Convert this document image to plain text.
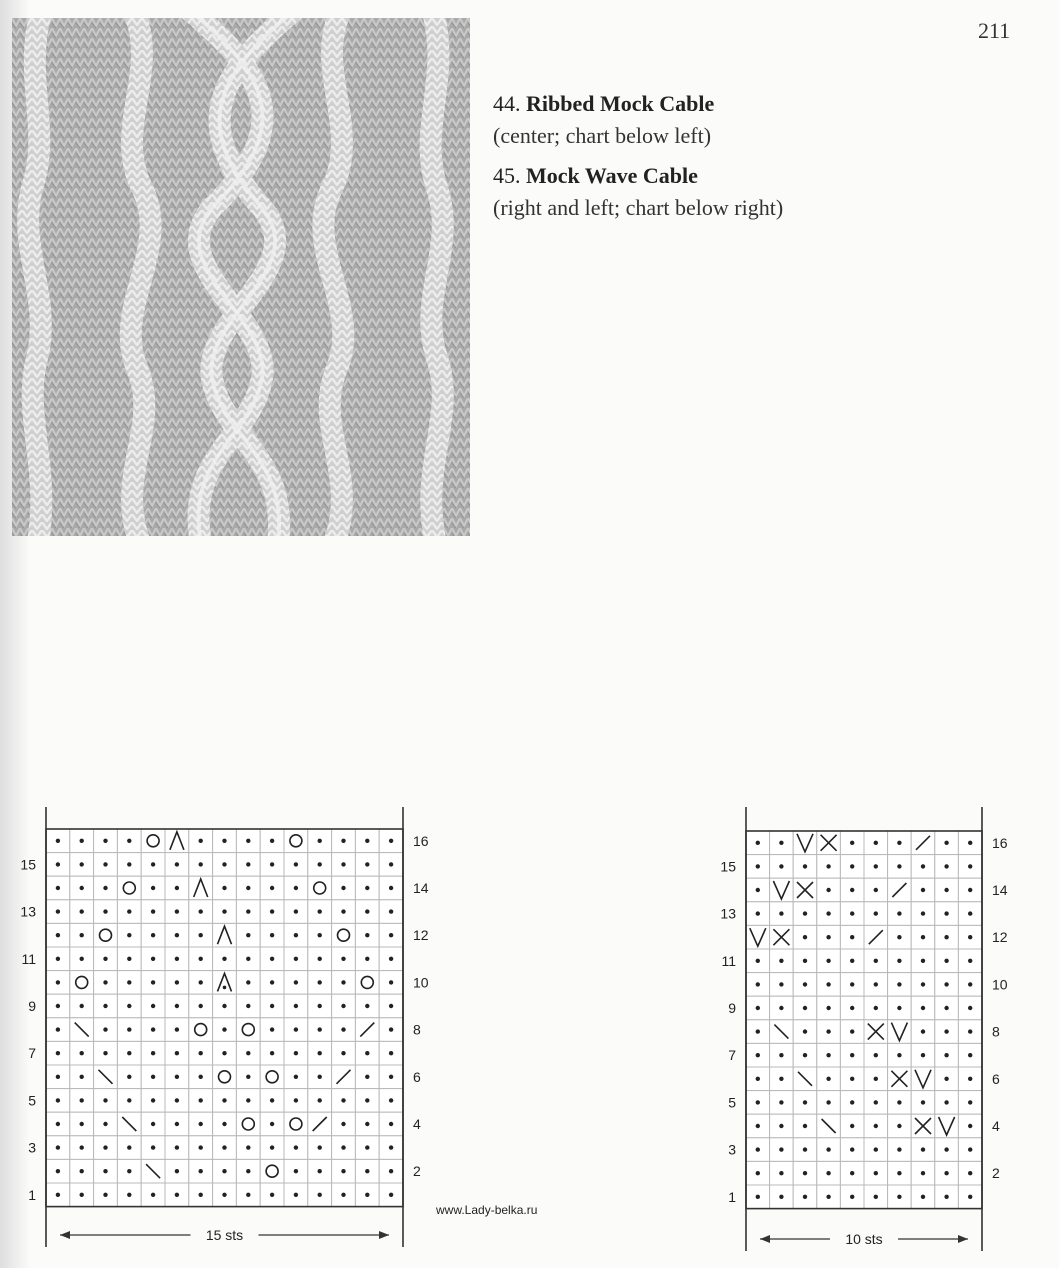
211
44. Ribbed Mock Cable
(center; chart below left)
45. Mock Wave Cable
(right and left; chart below right)
16
14
12
10
8
6
4
2
15
13
11
9
7
5
3
1
15 sts
16
14
12
10
8
6
4
2
15
13
11
9
7
5
3
1
10 sts
www.Lady-belka.ru
